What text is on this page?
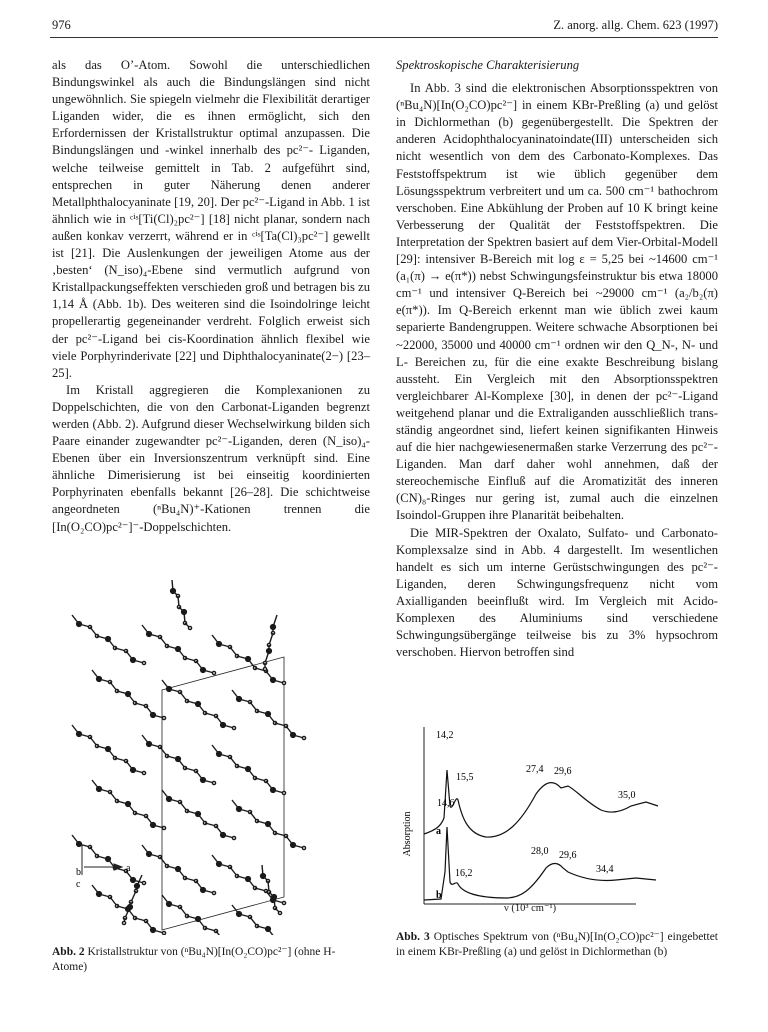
976	Z. anorg. allg. Chem. 623 (1997)

als das O’-Atom. Sowohl die unterschiedlichen Bindungswinkel als auch die Bindungslängen sind nicht ungewöhnlich. Sie spiegeln vielmehr die Flexibilität derartiger Liganden wider, die es ihnen ermöglicht, sich den Erfordernissen der Kristallstruktur optimal anzupassen. Die Bindungslängen und -winkel innerhalb des pc²⁻- Liganden, welche teilweise gemittelt in Tab. 2 aufgeführt sind, entsprechen in guter Näherung denen anderer Metallphthalocyaninate [19, 20]. Der pc²⁻-Ligand in Abb. 1 ist ähnlich wie in ᶜⁱˢ[Ti(Cl)₂pc²⁻] [18] nicht planar, sondern nach außen konkav verzerrt, während er in ᶜⁱˢ[Ta(Cl)₃pc²⁻] gewellt ist [21]. Die Auslenkungen der jeweiligen Atome aus der ‚besten‘ (N_iso)₄-Ebene sind vermutlich aufgrund von Kristallpackungseffekten verschieden groß und betragen bis zu 1,14 Å (Abb. 1b). Des weiteren sind die Isoindolringe leicht propellerartig gegeneinander verdreht. Folglich erweist sich der pc²⁻-Ligand bei cis-Koordination ähnlich flexibel wie viele Porphyrinderivate [22] und Diphthalocyaninate(2−) [23–25].

Im Kristall aggregieren die Komplexanionen zu Doppelschichten, die von den Carbonat-Liganden begrenzt werden (Abb. 2). Aufgrund dieser Wechselwirkung bilden sich Paare einander zugewandter pc²⁻-Liganden, deren (N_iso)₄-Ebenen über ein Inversionszentrum verknüpft sind. Eine ähnliche Dimerisierung ist bei einseitig koordinierten Porphyrinaten ebenfalls bekannt [26–28]. Die schichtweise angeordneten (ⁿBu₄N)⁺-Kationen trennen die [In(O₂CO)pc²⁻]⁻-Doppelschichten.

Spektroskopische Charakterisierung

In Abb. 3 sind die elektronischen Absorptionsspektren von (ⁿBu₄N)[In(O₂CO)pc²⁻] in einem KBr-Preßling (a) und gelöst in Dichlormethan (b) gegenübergestellt. Die Spektren der anderen Acidophthalocyaninatoindate(III) unterscheiden sich nicht wesentlich von dem des Carbonato-Komplexes. Das Feststoffspektrum ist wie üblich gegenüber dem Lösungsspektrum verbreitert und um ca. 500 cm⁻¹ bathochrom verschoben. Eine Abkühlung der Proben auf 10 K bringt keine Verbesserung der Qualität der Feststoffspektren. Die Interpretation der Spektren basiert auf dem Vier-Orbital-Modell [29]: intensiver B-Bereich mit log ε = 5,25 bei ~14600 cm⁻¹ (a₁(π) → e(π*)) nebst Schwingungsfeinstruktur bis etwa 18000 cm⁻¹ und intensiver Q-Bereich bei ~29000 cm⁻¹ (a₂/b₂(π) e(π*)). Im Q-Bereich erkennt man wie üblich zwei kaum separierte Bandengruppen. Weitere schwache Absorptionen bei ~22000, 35000 und 40000 cm⁻¹ ordnen wir den Q_N-, N- und L- Bereichen zu, für die eine exakte Beschreibung bislang aussteht. Ein Vergleich mit den Absorptionsspektren vergleichbarer Al-Komplexe [30], in denen der pc²⁻-Ligand weitgehend planar und die Extraliganden ausschließlich trans-ständig angeordnet sind, liefert keinen signifikanten Hinweis auf die hier nachgewiesenermaßen starke Verzerrung des pc²⁻-Liganden. Man darf daher wohl annehmen, daß der stereochemische Einfluß auf die Aromatizität des inneren (CN)₈-Ringes nur gering ist, zumal auch die einzelnen Isoindol-Gruppen ihre Planarität beibehalten.

Die MIR-Spektren der Oxalato, Sulfato- und Carbonato-Komplexsalze sind in Abb. 4 dargestellt. Im wesentlichen handelt es sich um interne Gerüstschwingungen des pc²⁻- Liganden, deren Schwingungsfrequenz nicht vom Axialliganden beeinflußt wird. Im Vergleich mit Acido-Komplexen des Aluminiums sind verschiedene Schwingungsübergänge teilweise bis zu 3% hypsochrom verschoben. Hiervon betroffen sind

a
b
c
Abb. 2 Kristallstruktur von (ⁿBu₄N)[In(O₂CO)pc²⁻] (ohne H-Atome)
Absorption a
b
14,2
15,5
14,6
27,4 29,6
35,0
16,2
28,0 29,6
34,4
ν (10³ cm⁻¹)
Abb. 3 Optisches Spektrum von (ⁿBu₄N)[In(O₂CO)pc²⁻] eingebettet in einem KBr-Preßling (a) und gelöst in Dichlormethan (b)
